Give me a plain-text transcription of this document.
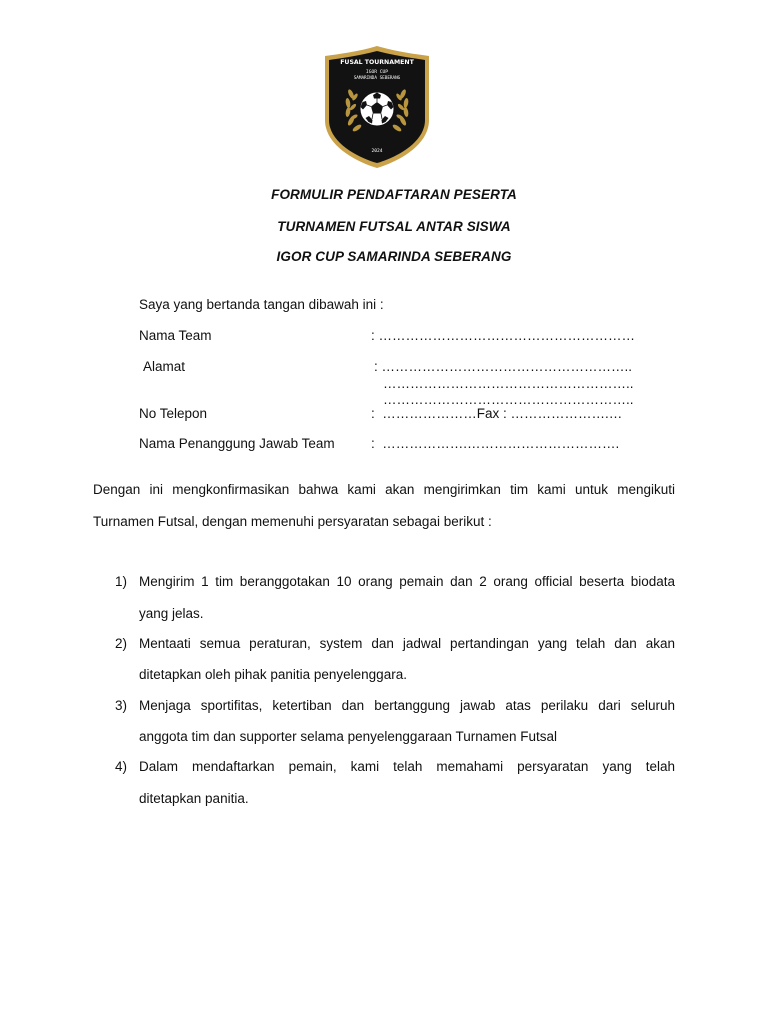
FUSAL TOURNAMENT
IGOR CUP
SAMARINDA SEBERANG
2024
FORMULIR PENDAFTARAN PESERTA
TURNAMEN FUTSAL ANTAR SISWA
IGOR CUP SAMARINDA SEBERANG
Saya yang bertanda tangan dibawah ini :
Nama Team	: …………………………………………………
Alamat	: ………………………………………………..
………………………………………………..
………………………………………………..
No Telepon	:  …………………Fax : ………………….…
Nama Penanggung Jawab Team	:  ……………….…………………………….
Dengan ini mengkonfirmasikan bahwa kami akan mengirimkan tim kami untuk mengikuti
Turnamen Futsal, dengan memenuhi persyaratan sebagai berikut :
1) Mengirim 1 tim beranggotakan 10 orang pemain dan 2 orang official beserta biodata
yang jelas.
2) Mentaati semua peraturan, system dan jadwal pertandingan yang telah dan akan
ditetapkan oleh pihak panitia penyelenggara.
3) Menjaga sportifitas, ketertiban dan bertanggung jawab atas perilaku dari seluruh
anggota tim dan supporter selama penyelenggaraan Turnamen Futsal
4) Dalam mendaftarkan pemain, kami telah memahami persyaratan yang telah
ditetapkan panitia.
